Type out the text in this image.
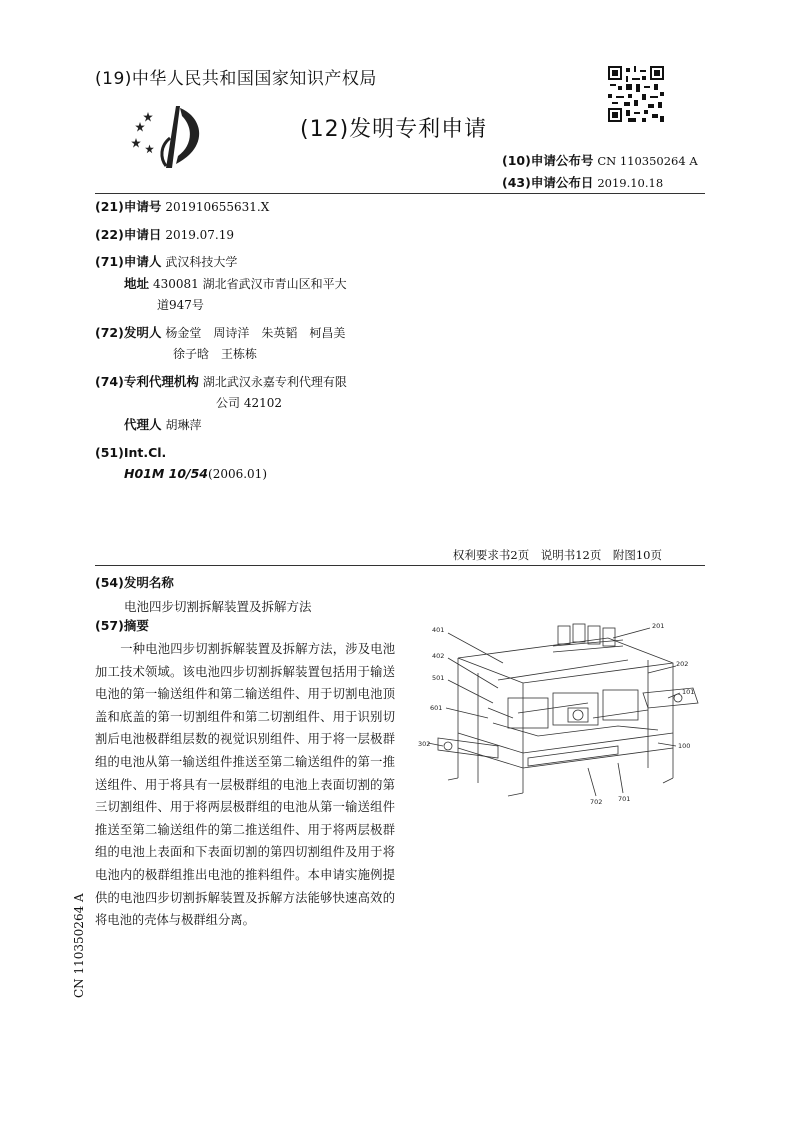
(19)中华人民共和国国家知识产权局
(12)发明专利申请
(10)申请公布号 CN 110350264 A
(43)申请公布日 2019.10.18
(21)申请号 201910655631.X
(22)申请日 2019.07.19
(71)申请人 武汉科技大学
地址 430081 湖北省武汉市青山区和平大
道947号
(72)发明人 杨金堂　周诗洋　朱英韬　柯昌美
徐子晗　王栋栋
(74)专利代理机构 湖北武汉永嘉专利代理有限
公司 42102
代理人 胡琳萍
(51)Int.Cl.
H01M 10/54(2006.01)
权利要求书2页　说明书12页　附图10页
(54)发明名称
电池四步切割拆解装置及拆解方法
(57)摘要
一种电池四步切割拆解装置及拆解方法，涉及电池加工技术领域。该电池四步切割拆解装置包括用于输送电池的第一输送组件和第二输送组件、用于切割电池顶盖和底盖的第一切割组件和第二切割组件、用于识别切割后电池极群组层数的视觉识别组件、用于将一层极群组的电池从第一输送组件推送至第二输送组件的第一推送组件、用于将具有一层极群组的电池上表面切割的第三切割组件、用于将两层极群组的电池从第一输送组件推送至第二输送组件的第二推送组件、用于将两层极群组的电池上表面和下表面切割的第四切割组件及用于将电池内的极群组推出电池的推料组件。本申请实施例提供的电池四步切割拆解装置及拆解方法能够快速高效的将电池的壳体与极群组分离。
CN 110350264 A
401
402
501
601
302
201
202
101
100
702 701
